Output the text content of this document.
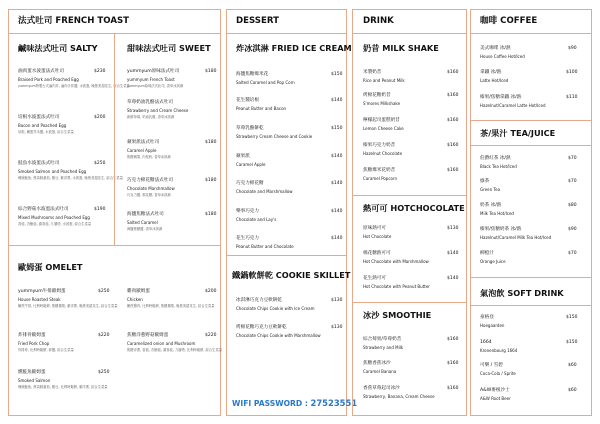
法式吐司 FRENCH TOAST
鹹味法式吐司 SALTY
滷肉蛋水波蛋法式吐司
Braised Pork and Poached Egg
yummyum特製台式滷肉丼, 滷肉汁拌醬, 水波蛋, 晚焦美超花生, 綜合生菜量
$230
培根水波蛋法式吐司
Bacon and Poached Egg
培根, 嫩蛋芥末醬, 水波蛋, 綜合生菜量
$200
鮭魚水波蛋法式吐司
Smoked Salmon and Poached Egg
煙燻鮭魚, 焦黃鮮番茄, 酸豆, 紫洋蔥, 水波蛋, 晚焦美超花生, 綜合生菜量
$250
綜合野菇水波蛋法式吐司
Mixed Mushrooms and Poached Egg
香菇, 杏鮑菇, 鴻喜菇, 九層塔, 水波蛋, 綜合生菜量
$190
甜味法式吐司 SWEET
yummyum原味法式吐司
yummyum French Toast
yummyum原味法式吐司, 香草冰淇淋
$180
草莓奶油乳酪法式吐司
Strawberry and Cream Cheese
新鮮草莓, 奶油乳酪, 香草冰淇淋
蘋果派法式吐司
Caramel Apple
焦糖蘋果, 肉桂粉, 香草冰淇淋
$180
巧克力棉花糖法式吐司
Chocolate Marshmallow
巧克力醬, 棉花糖, 香草冰淇淋
$180
海鹽焦糖法式吐司
Salted Caramel
海鹽焦糖醬, 香草冰淇淋
$180
歐姆蛋 OMELET
yummyum牛排歐姆蛋
House Roasted Steak
嫩煎牛排, 比利時鬆餅, 焦糖鳳梨, 紫洋蔥, 晚焦美超花生, 綜合生菜量
$250
炸排骨歐姆蛋
Fried Pork Chop
炸排骨, 比利時鬆餅, 碎醬, 綜合生菜量
$220
燻鮭魚歐姆蛋
Smoked Salmon
煙燻鮭魚, 焦黃鮮番茄, 酸豆, 比利時鬆餅, 紫洋蔥, 綜合生菜量
$250
雞肉歐姆蛋
Chicken
嫩煎雞肉, 比利時鬆餅, 焦糖鳳梨, 晚焦美超花生, 綜合生菜量
$200
焦糖洋蔥野菇歐姆蛋
Caramelized onion and Mushroom
焦糖洋蔥, 香菇, 杏鮑菇, 鴻喜菇, 九層塔, 比利時鬆餅, 綜合生菜量
$220
DESSERT
炸冰淇淋 FRIED ICE CREAM
海鹽焦糖爆米花
Salted Caramel and Pop Corn
$150
花生醬培根
Peanut Butter and Bacon
$140
草莓乳酪餅乾
Strawberry Cream Cheese and Cookie
$150
蘋果派
Caramel Apple
$140
巧克力棉花糖
Chocolate and Marshmallow
$140
樂事巧克力
Chocolate and Lay's
$140
花生巧克力
Peanut Butter and Chocolate
$140
鐵鍋軟餅乾 COOKIE SKILLET
冰淇淋巧克力豆軟餅乾
Chocolate Chips Cookie with Ice Cream
$130
烤棉花糖巧克力豆軟餅乾
Chocolate Chips Cookie with Marshmallow
$130
WIFI PASSWORD : 27523551
DRINK
奶昔 MILK SHAKE
米漿奶昔
Rice and Peanut Milk
$160
烤棉花糖奶昔
S'mores Milkshake
$160
檸檬起司蛋糕奶昔
Lemon Cheese Cake
$160
榛果巧克力奶昔
Hazelnut Chocolate
$160
焦糖爆米花奶昔
Caramel Popcorn
$160
熱可可 HOTCHOCOLATE
原味熱可可
Hot Chocolate
$130
棉花糖熱可可
Hot Chocolate with Marshmallow
$140
花生熱可可
Hot Chocolate with Peanut Butter
$140
冰沙 SMOOTHIE
綜合莓果/草莓奶昔
Strawberry and Milk
$160
焦糖香蕉冰沙
Caramel Banana
$160
香蕉草莓起司冰沙
Strawberry, Banana, Cream Cheese
$160
咖啡 COFFEE
美式咖啡 冰/熱
House Coffee Hot/Iced
$90
拿鐵 冰/熱
Latte Hot/Iced
$100
榛果/焦糖拿鐵 冰/熱
Hazelnut/Caramel Latte Hot/Iced
$110
茶/果汁 TEA/JUICE
伯爵紅茶 冰/熱
Black Tea Hot/Iced
$70
綠茶
Green Tea
$70
奶茶 冰/熱
Milk Tea Hot/Iced
$80
榛果/焦糖奶茶 冰/熱
Hazelnut/Caramel Milk Tea Hot/Iced
$90
柳橙汁
Orange Juice
$70
氣泡飲 SOFT DRINK
豪格登
Hoegaarden
$150
1664
Kronenbourg 1664
$150
可樂 / 雪碧
Coca-Cola / Sprite
$60
A&W麥根沙士
A&W Root Beer
$60
